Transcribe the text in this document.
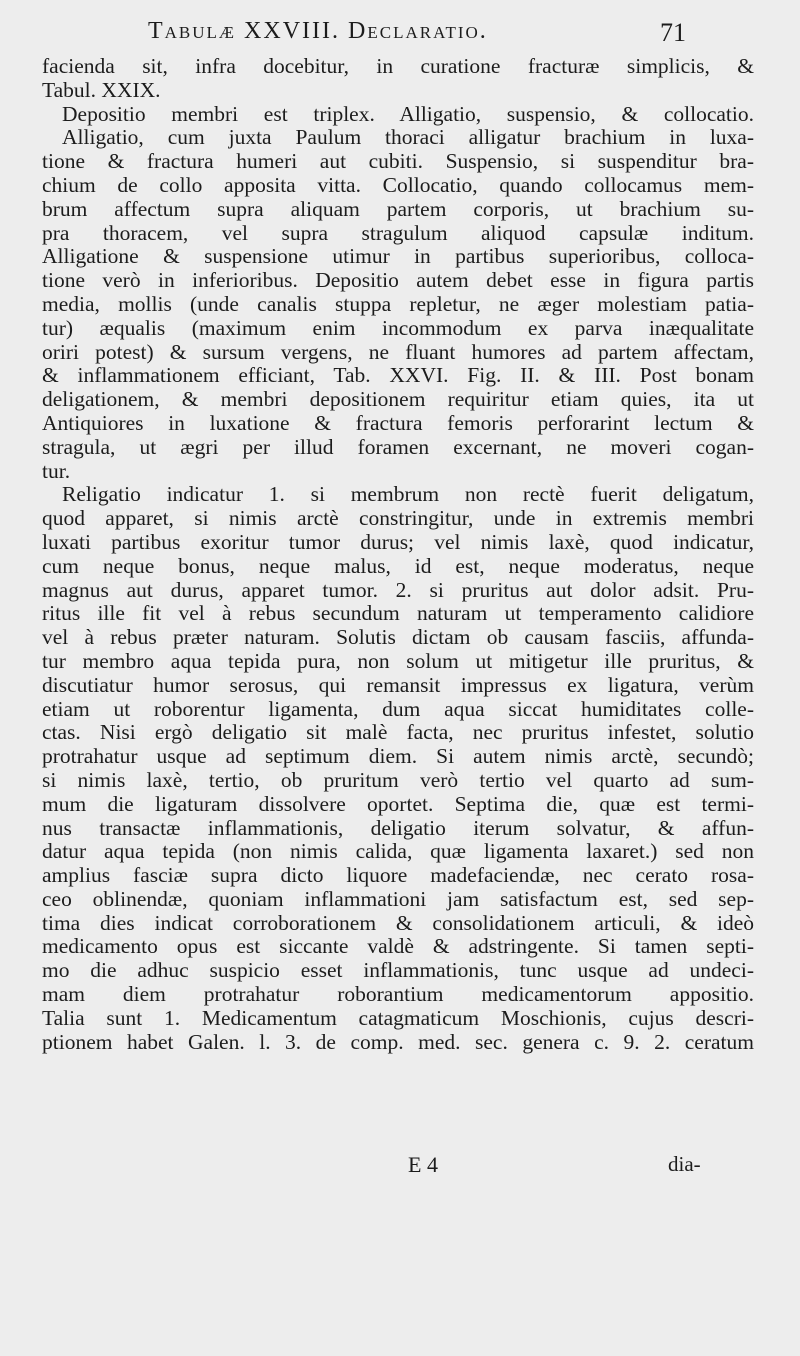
Tabulæ XXVIII. Declaratio.	71
facienda sit, infra docebitur, in curatione fracturæ simplicis, &
Tabul. XXIX.
Depositio membri est triplex. Alligatio, suspensio, & collocatio.
Alligatio, cum juxta Paulum thoraci alligatur brachium in luxa-
tione & fractura humeri aut cubiti. Suspensio, si suspenditur bra-
chium de collo apposita vitta. Collocatio, quando collocamus mem-
brum affectum supra aliquam partem corporis, ut brachium su-
pra thoracem, vel supra stragulum aliquod capsulæ inditum.
Alligatione & suspensione utimur in partibus superioribus, colloca-
tione verò in inferioribus. Depositio autem debet esse in figura partis
media, mollis (unde canalis stuppa repletur, ne æger molestiam patia-
tur) æqualis (maximum enim incommodum ex parva inæqualitate
oriri potest) & sursum vergens, ne fluant humores ad partem affectam,
& inflammationem efficiant, Tab. XXVI. Fig. II. & III. Post bonam
deligationem, & membri depositionem requiritur etiam quies, ita ut
Antiquiores in luxatione & fractura femoris perforarint lectum &
stragula, ut ægri per illud foramen excernant, ne moveri cogan-
tur.
Religatio indicatur 1. si membrum non rectè fuerit deligatum,
quod apparet, si nimis arctè constringitur, unde in extremis membri
luxati partibus exoritur tumor durus; vel nimis laxè, quod indicatur,
cum neque bonus, neque malus, id est, neque moderatus, neque
magnus aut durus, apparet tumor. 2. si pruritus aut dolor adsit. Pru-
ritus ille fit vel à rebus secundum naturam ut temperamento calidiore
vel à rebus præter naturam. Solutis dictam ob causam fasciis, affunda-
tur membro aqua tepida pura, non solum ut mitigetur ille pruritus, &
discutiatur humor serosus, qui remansit impressus ex ligatura, verùm
etiam ut roborentur ligamenta, dum aqua siccat humiditates colle-
ctas. Nisi ergò deligatio sit malè facta, nec pruritus infestet, solutio
protrahatur usque ad septimum diem. Si autem nimis arctè, secundò;
si nimis laxè, tertio, ob pruritum verò tertio vel quarto ad sum-
mum die ligaturam dissolvere oportet. Septima die, quæ est termi-
nus transactæ inflammationis, deligatio iterum solvatur, & affun-
datur aqua tepida (non nimis calida, quæ ligamenta laxaret.) sed non
amplius fasciæ supra dicto liquore madefaciendæ, nec cerato rosa-
ceo oblinendæ, quoniam inflammationi jam satisfactum est, sed sep-
tima dies indicat corroborationem & consolidationem articuli, & ideò
medicamento opus est siccante valdè & adstringente. Si tamen septi-
mo die adhuc suspicio esset inflammationis, tunc usque ad undeci-
mam diem protrahatur roborantium medicamentorum appositio.
Talia sunt 1. Medicamentum catagmaticum Moschionis, cujus descri-
ptionem habet Galen. l. 3. de comp. med. sec. genera c. 9. 2. ceratum
E 4	dia-
